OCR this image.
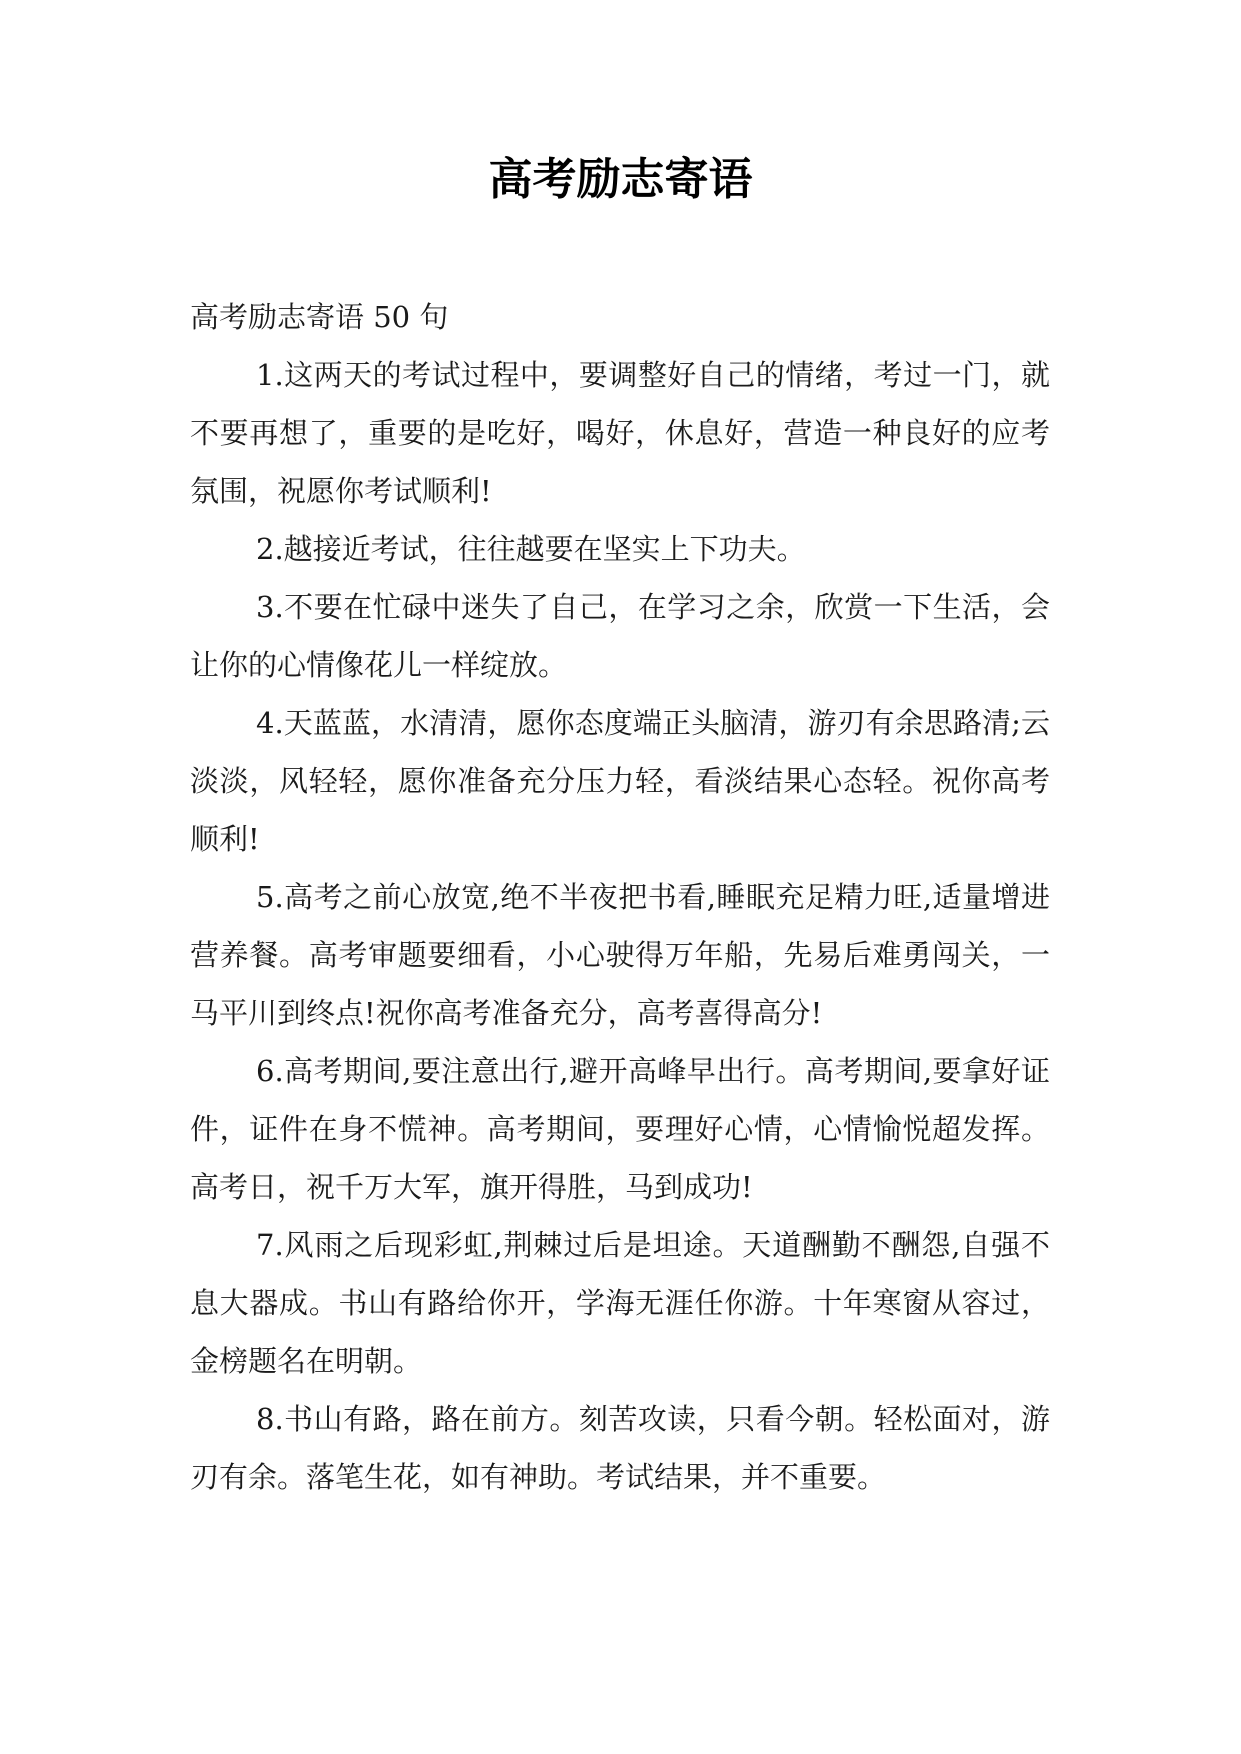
高考励志寄语

高考励志寄语 50 句

1.这两天的考试过程中，要调整好自己的情绪，考过一门，就不要再想了，重要的是吃好，喝好，休息好，营造一种良好的应考氛围，祝愿你考试顺利!

2.越接近考试，往往越要在坚实上下功夫。

3.不要在忙碌中迷失了自己，在学习之余，欣赏一下生活，会让你的心情像花儿一样绽放。

4.天蓝蓝，水清清，愿你态度端正头脑清，游刃有余思路清;云淡淡，风轻轻，愿你准备充分压力轻，看淡结果心态轻。祝你高考顺利!

5.高考之前心放宽,绝不半夜把书看,睡眠充足精力旺,适量增进营养餐。高考审题要细看，小心驶得万年船，先易后难勇闯关，一马平川到终点!祝你高考准备充分，高考喜得高分!

6.高考期间,要注意出行,避开高峰早出行。高考期间,要拿好证件，证件在身不慌神。高考期间，要理好心情，心情愉悦超发挥。高考日，祝千万大军，旗开得胜，马到成功!

7.风雨之后现彩虹,荆棘过后是坦途。天道酬勤不酬怨,自强不息大器成。书山有路给你开，学海无涯任你游。十年寒窗从容过，金榜题名在明朝。

8.书山有路，路在前方。刻苦攻读，只看今朝。轻松面对，游刃有余。落笔生花，如有神助。考试结果，并不重要。
